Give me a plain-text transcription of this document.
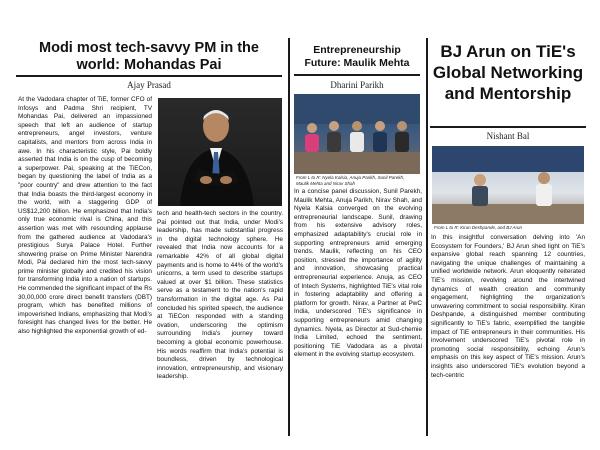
Modi most tech-savvy PM in the world: Mohandas Pai

Ajay Prasad

At the Vadodara chapter of TiE, former CFO of Infosys and Padma Shri recipient, TV Mohandas Pai, delivered an impassioned speech that left an audience of startup entrepreneurs, angel investors, venture capitalists, and mentors from across India in awe. In his characteristic style, Pai boldly asserted that India is on the cusp of becoming a superpower. Pai, speaking at the TiECon, began by questioning the label of India as a "poor country" and drew attention to the fact that India boasts the third-largest economy in the world, with a staggering GDP of US$12,200 billion. He emphasized that India's only true economic rival is China, and this assertion was met with resounding applause from the gathered audience at Vadodara's prestigious Surya Palace Hotel. Further showering praise on Prime Minister Narendra Modi, Pai declared him the most tech-savvy prime minister globally and credited his vision for transforming India into a nation of startups. He commended the significant impact of the Rs 30,00,000 crore direct benefit transfers (DBT) program, which has benefited millions of impoverished Indians, emphasizing that Modi's foresight has changed lives for the better. He also highlighted the exponential growth of ed-

tech and health-tech sectors in the country. Pai pointed out that India, under Modi's leadership, has made substantial progress in the digital technology sphere. He revealed that India now accounts for a remarkable 42% of all global digital payments and is home to 44% of the world's unicorns, a term used to describe startups valued at over $1 billion. These statistics serve as a testament to the nation's rapid transformation in the digital age. As Pai concluded his spirited speech, the audience at TiECon responded with a standing ovation, underscoring the optimism surrounding India's journey toward becoming a global economic powerhouse. His words reaffirm that India's potential is boundless, driven by technological innovation, entrepreneurship, and visionary leadership.

Entrepreneurship Future: Maulik Mehta

Dharini Parikh

From L to R: Nyela Kalsia, Anuja Parikh, Sunil Parekh, Maulik Mehta and Nirav Shah

In a concise panel discussion, Sunil Parekh, Maulik Mehta, Anuja Parikh, Nirav Shah, and Nyela Kalsia converged on the evolving entrepreneurial landscape. Sunil, drawing from his extensive advisory roles, emphasized adaptability's crucial role in supporting entrepreneurs amid emerging trends. Maulik, reflecting on his CEO position, stressed the importance of agility and innovation, showcasing practical entrepreneurial experience. Anuja, as CEO of Intech Systems, highlighted TiE's vital role in fostering adaptability and offering a platform for growth. Nirav, a Partner at PwC India, underscored TiE's significance in supporting entrepreneurs amid changing dynamics. Nyela, as Director at Sud-chemie India Limited, echoed the sentiment, positioning TiE Vadodara as a pivotal element in the evolving startup ecosystem.

BJ Arun on TiE's Global Networking and Mentorship

Nishant Bal

From L to R: Kiran Deshpande, and BJ Arun

In this insightful conversation delving into 'An Ecosystem for Founders,' BJ Arun shed light on TiE's expansive global reach spanning 12 countries, navigating the unique challenges of maintaining a unified worldwide network. Arun eloquently reiterated TiE's mission, revolving around the intertwined dynamics of wealth creation and community engagement, highlighting the organization's unwavering commitment to social responsibility. Kiran Deshpande, a distinguished member contributing significantly to TiE's fabric, exemplified the tangible impact of TiE entrepreneurs in their communities. His involvement underscored TiE's pivotal role in promoting social responsibility, echoing Arun's emphasis on this key aspect of TiE's mission. Arun's insights also underscored TiE's evolution beyond a tech-centric
